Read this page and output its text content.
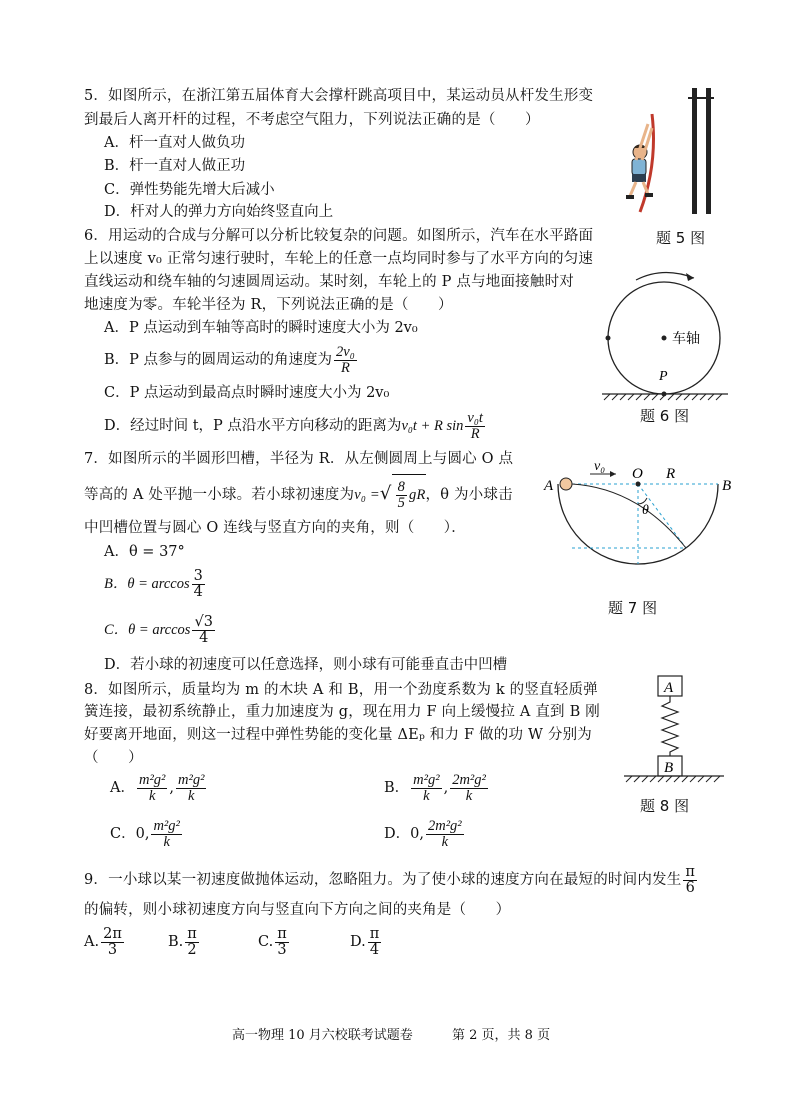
5．如图所示，在浙江第五届体育大会撑杆跳高项目中，某运动员从杆发生形变
到最后人离开杆的过程，不考虑空气阻力，下列说法正确的是（　　）
A．杆一直对人做负功
B．杆一直对人做正功
C．弹性势能先增大后减小
D．杆对人的弹力方向始终竖直向上
题 5 图
6．用运动的合成与分解可以分析比较复杂的问题。如图所示，汽车在水平路面
上以速度 v₀ 正常匀速行驶时，车轮上的任意一点均同时参与了水平方向的匀速
直线运动和绕车轴的匀速圆周运动。某时刻，车轮上的 P 点与地面接触时对
地速度为零。车轮半径为 R，下列说法正确的是（　　）
A．P 点运动到车轴等高时的瞬时速度大小为 2v₀
B．P 点参与的圆周运动的角速度为 $\frac{\text{2v₀}}{R}$
C．P 点运动到最高点时瞬时速度大小为 2v₀
D．经过时间 t，P 点沿水平方向移动的距离为v₀t + R $\sin \frac{\text{v₀t}}{R}$
车轴
P
题 6 图
7．如图所示的半圆形凹槽，半径为 R．从左侧圆周上与圆心 O 点
等高的 A 处平抛一小球。若小球初速度为v₀ =√ $\frac{8}{5}$ gR，θ 为小球击
中凹槽位置与圆心 O 连线与竖直方向的夹角，则（　　）．
A．θ = 37°
B．$\theta = \arccos \frac{3}{4}$
C．$\theta = \arccos \frac{√3}{4}$
D．若小球的初速度可以任意选择，则小球有可能垂直击中凹槽
A	B
O R
v₀
θ
题 7 图
8．如图所示，质量均为 m 的木块 A 和 B，用一个劲度系数为 k 的竖直轻质弹
簧连接，最初系统静止，重力加速度为 g，现在用力 F 向上缓慢拉 A 直到 B 刚
好要离开地面，则这一过程中弹性势能的变化量 ΔEₚ 和力 F 做的功 W 分别为
（　　）
A． $\frac{\text{m²g²}}{k}$ , $\frac{\text{m²g²}}{k}$	B． $\frac{\text{m²g²}}{k}$ , $\frac{\text{2m²g²}}{k}$
C．0, $\frac{\text{m²g²}}{k}$	D．0, $\frac{\text{2m²g²}}{k}$
A
B
题 8 图
9．一小球以某一初速度做抛体运动，忽略阻力。为了使小球的速度方向在最短的时间内发生 $\frac{\pi}{6}$
的偏转，则小球初速度方向与竖直向下方向之间的夹角是（　　）
A. $\frac{2\pi}{3}$	B. $\frac{\pi}{2}$	C. $\frac{\pi}{3}$	D. $\frac{\pi}{4}$
高一物理 10 月六校联考试题卷	第 2 页，共 8 页
